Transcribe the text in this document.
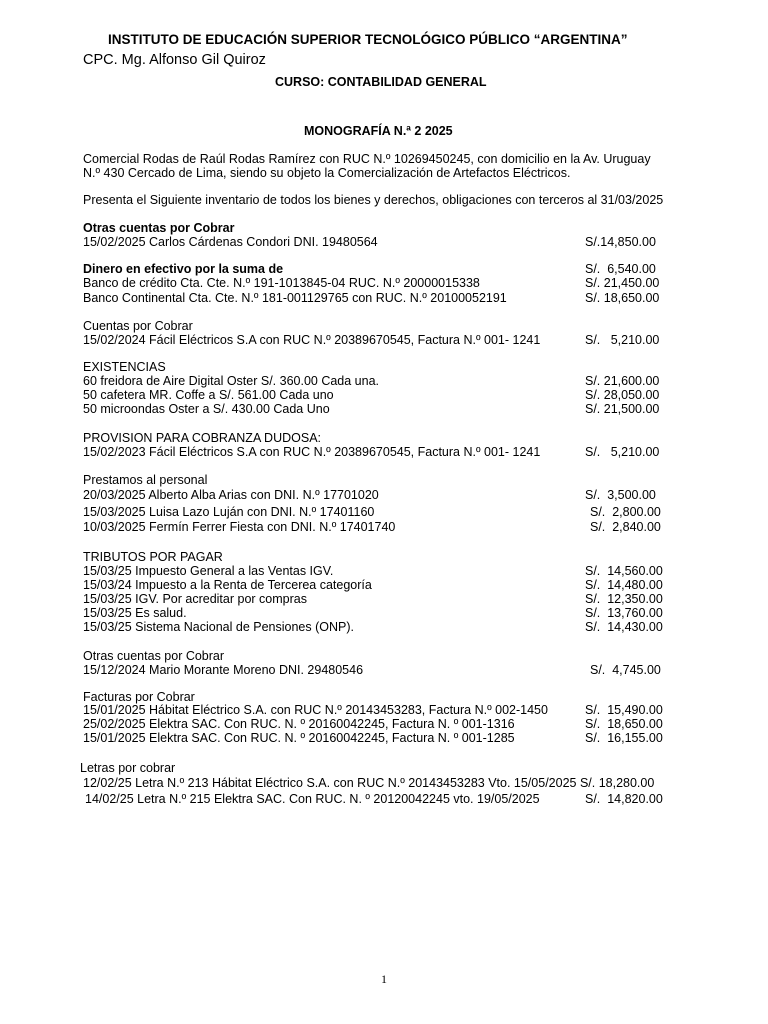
INSTITUTO DE EDUCACIÓN SUPERIOR TECNOLÓGICO PÚBLICO “ARGENTINA”
CPC. Mg. Alfonso Gil Quiroz
CURSO: CONTABILIDAD GENERAL
MONOGRAFÍA N.ª 2 2025
Comercial Rodas de Raúl Rodas Ramírez con RUC N.º 10269450245, con domicilio en la Av. Uruguay
N.º 430 Cercado de Lima, siendo su objeto la Comercialización de Artefactos Eléctricos.
Presenta el Siguiente inventario de todos los bienes y derechos, obligaciones con terceros al 31/03/2025
Otras cuentas por Cobrar
15/02/2025 Carlos Cárdenas Condori DNI. 19480564	S/.14,850.00
Dinero en efectivo por la suma de	S/.  6,540.00
Banco de crédito Cta. Cte. N.º 191-1013845-04 RUC. N.º 20000015338	S/. 21,450.00
Banco Continental Cta. Cte. N.º 181-001129765 con RUC. N.º 20100052191	S/. 18,650.00
Cuentas por Cobrar
15/02/2024 Fácil Eléctricos S.A con RUC N.º 20389670545, Factura N.º 001- 1241	S/.   5,210.00
EXISTENCIAS
60 freidora de Aire Digital Oster S/. 360.00 Cada una.	S/. 21,600.00
50 cafetera MR. Coffe a S/. 561.00 Cada uno	S/. 28,050.00
50 microondas Oster a S/. 430.00 Cada Uno	S/. 21,500.00
PROVISION PARA COBRANZA DUDOSA:
15/02/2023 Fácil Eléctricos S.A con RUC N.º 20389670545, Factura N.º 001- 1241	S/.   5,210.00
Prestamos al personal
20/03/2025 Alberto Alba Arias con DNI. N.º 17701020	S/.  3,500.00
15/03/2025 Luisa Lazo Luján con DNI. N.º 17401160	S/.  2,800.00
10/03/2025 Fermín Ferrer Fiesta con DNI. N.º 17401740	S/.  2,840.00
TRIBUTOS POR PAGAR
15/03/25 Impuesto General a las Ventas IGV.	S/.  14,560.00
15/03/24 Impuesto a la Renta de Tercerea categoría	S/.  14,480.00
15/03/25 IGV. Por acreditar por compras	S/.  12,350.00
15/03/25 Es salud.	S/.  13,760.00
15/03/25 Sistema Nacional de Pensiones (ONP).	S/.  14,430.00
Otras cuentas por Cobrar
15/12/2024 Mario Morante Moreno DNI. 29480546	S/.  4,745.00
Facturas por Cobrar
15/01/2025 Hábitat Eléctrico S.A. con RUC N.º 20143453283, Factura N.º 002-1450	S/.  15,490.00
25/02/2025 Elektra SAC. Con RUC. N. º 20160042245, Factura N. º 001-1316	S/.  18,650.00
15/01/2025 Elektra SAC. Con RUC. N. º 20160042245, Factura N. º 001-1285	S/.  16,155.00
Letras por cobrar
12/02/25 Letra N.º 213 Hábitat Eléctrico S.A. con RUC N.º 20143453283 Vto. 15/05/2025 S/. 18,280.00
14/02/25 Letra N.º 215 Elektra SAC. Con RUC. N. º 20120042245 vto. 19/05/2025	S/.  14,820.00
1
